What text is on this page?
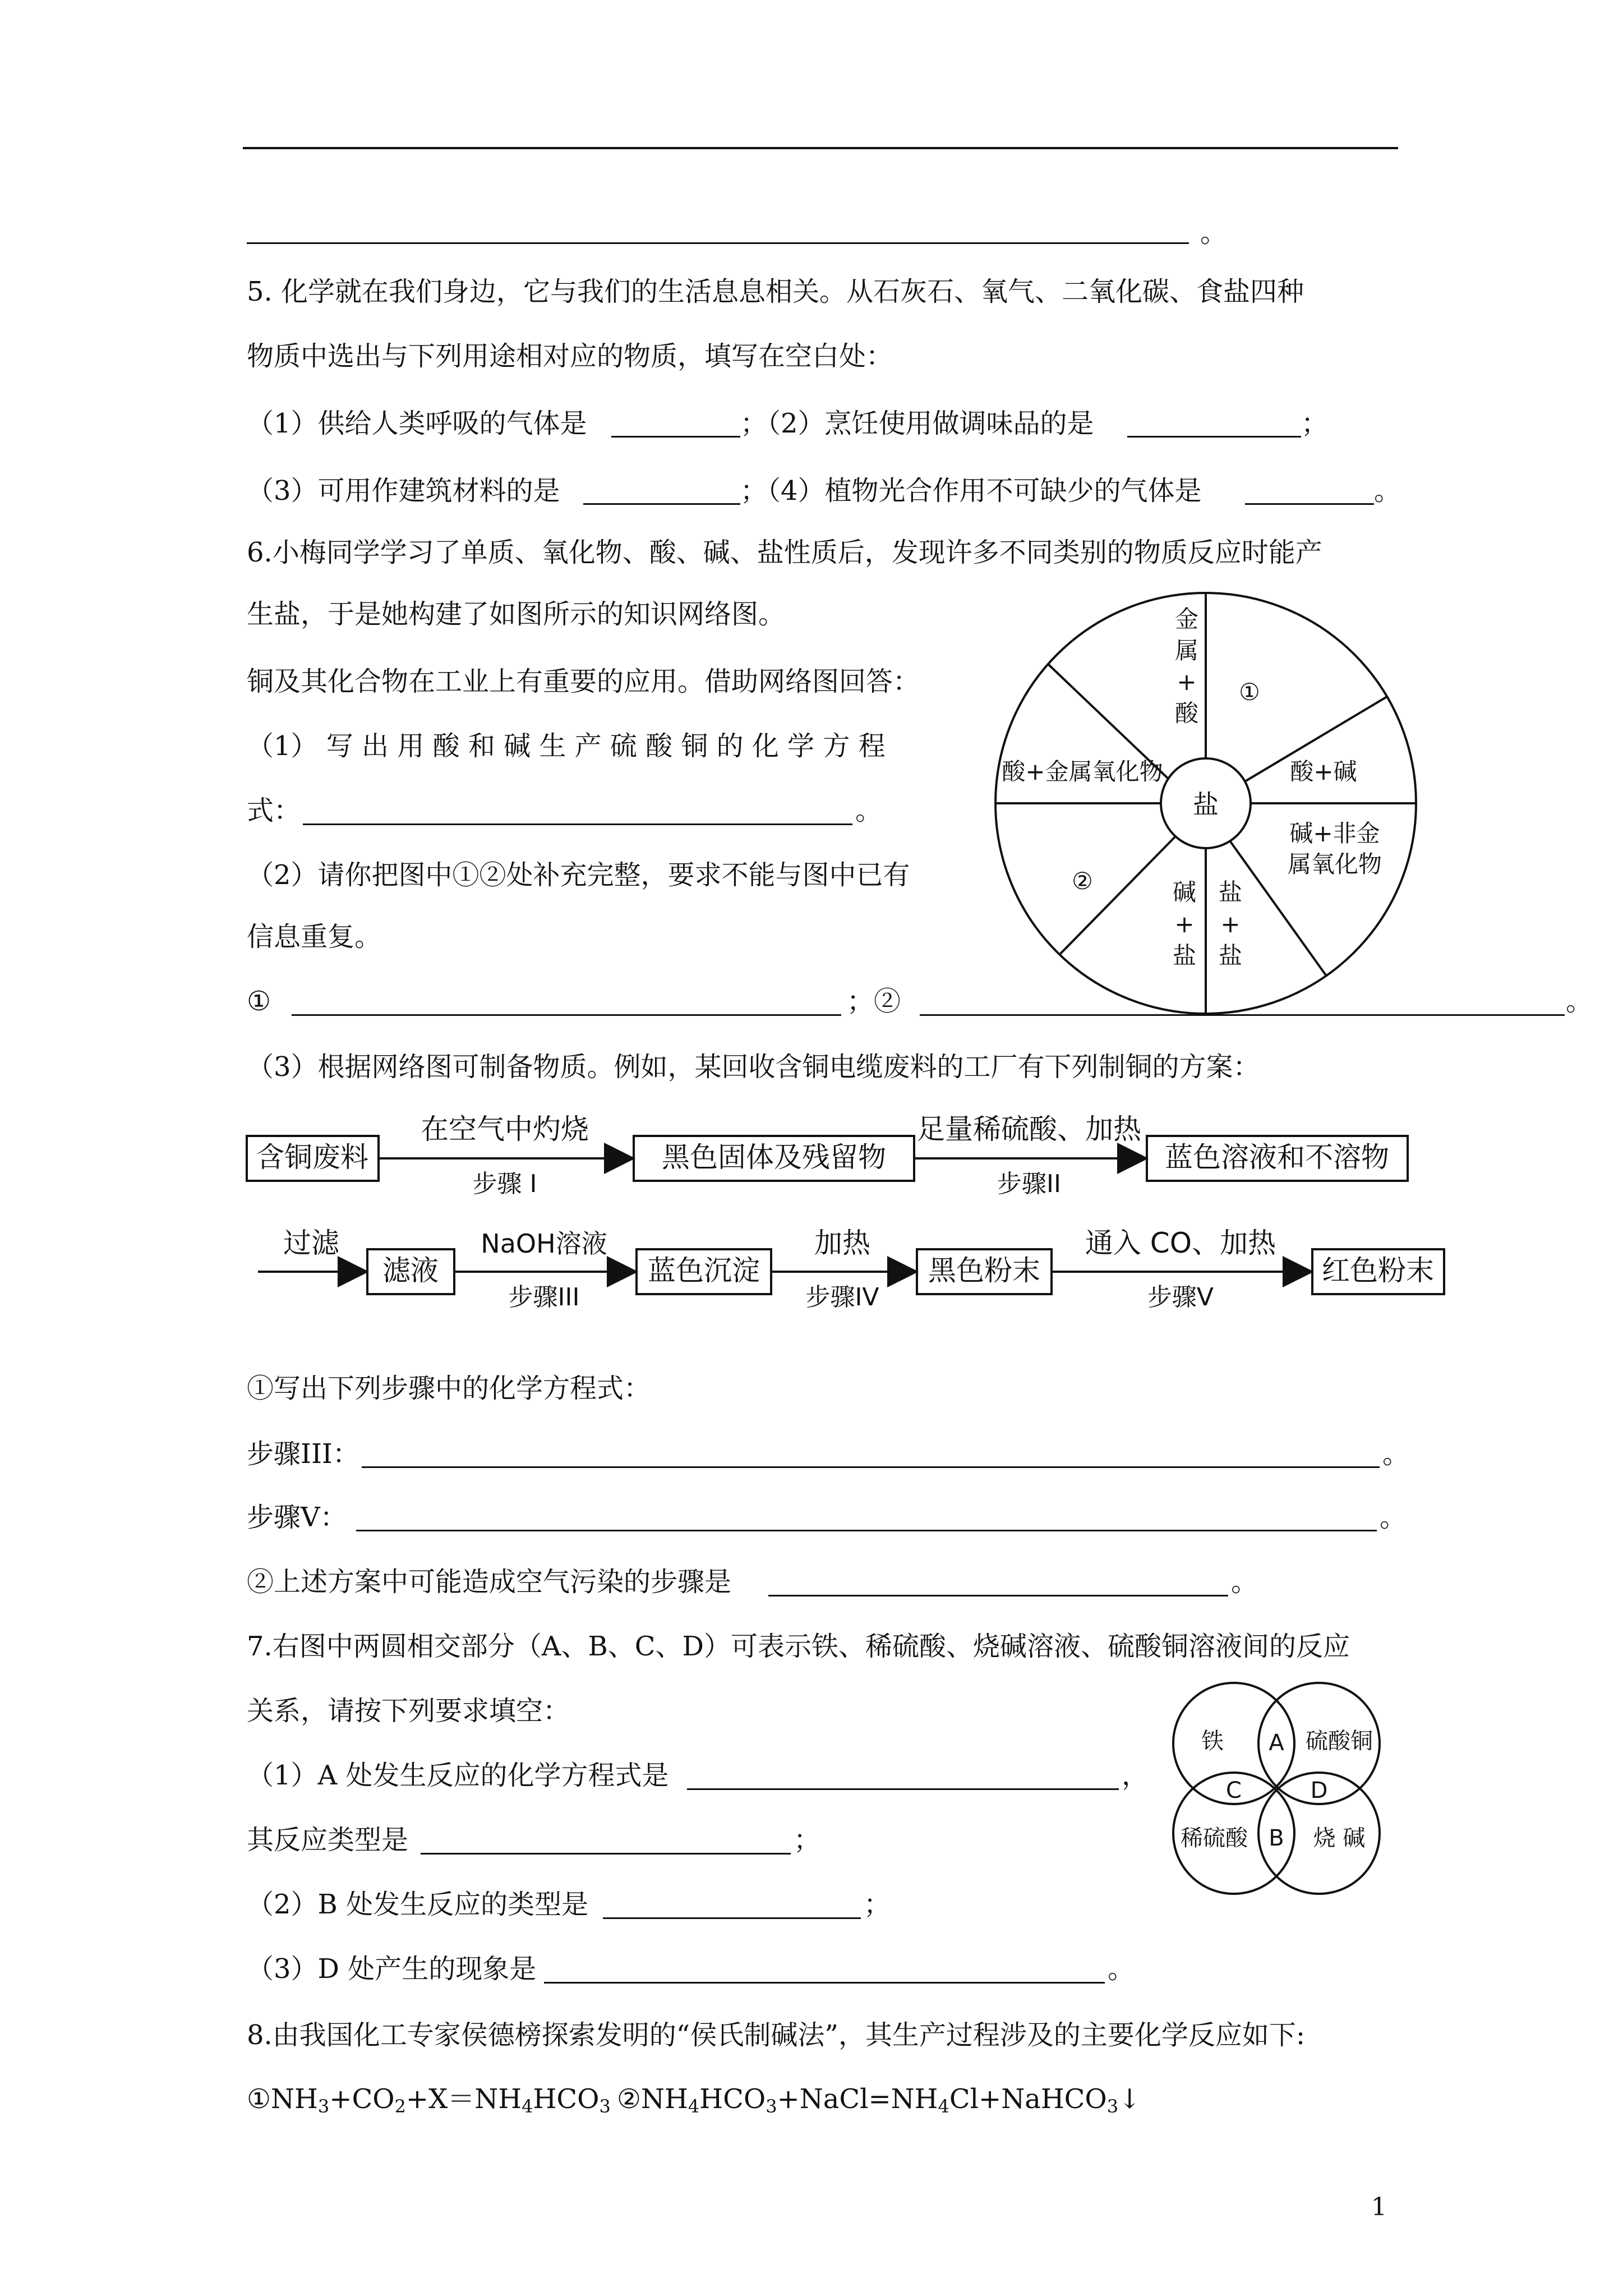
。
5. 化学就在我们身边，它与我们的生活息息相关。从石灰石、氧气、二氧化碳、食盐四种
物质中选出与下列用途相对应的物质，填写在空白处：
（1）供给人类呼吸的气体是	；（2）烹饪使用做调味品的是	；
（3）可用作建筑材料的是	；（4）植物光合作用不可缺少的气体是	。
6.小梅同学学习了单质、氧化物、酸、碱、盐性质后，发现许多不同类别的物质反应时能产
生盐，于是她构建了如图所示的知识网络图。
铜及其化合物在工业上有重要的应用。借助网络图回答：
（1） 写 出 用 酸 和 碱 生 产 硫 酸 铜 的 化 学 方 程
式：	。
（2）请你把图中①②处补充完整，要求不能与图中已有
信息重复。
①	；②	。
盐
金
属
+
酸
①
酸+碱
碱+非金
属氧化物
酸+金属氧化物
②	碱
+
盐
盐
+
盐
（3）根据网络图可制备物质。例如，某回收含铜电缆废料的工厂有下列制铜的方案：
含铜废料
在空气中灼烧
步骤 I
黑色固体及残留物
足量稀硫酸、加热
步骤II
蓝色溶液和不溶物
过滤
滤液
NaOH溶液
步骤III
蓝色沉淀
加热
步骤IV
黑色粉末
通入 CO、加热
步骤V
红色粉末
①写出下列步骤中的化学方程式：
步骤III：	。
步骤V：	。
②上述方案中可能造成空气污染的步骤是	。
7.右图中两圆相交部分（A、B、C、D）可表示铁、稀硫酸、烧碱溶液、硫酸铜溶液间的反应
关系，请按下列要求填空：
（1）A 处发生反应的化学方程式是	，
其反应类型是	；
（2）B 处发生反应的类型是	；
（3）D 处产生的现象是	。
铁	硫酸铜
稀硫酸	烧 碱
A
B
C	D
8.由我国化工专家侯德榜探索发明的“侯氏制碱法”，其生产过程涉及的主要化学反应如下:
$①NH_3+CO_2+X=NH_4HCO_3$ $②NH_4HCO_3+NaCl=NH_4Cl+NaHCO_3↓$
1
